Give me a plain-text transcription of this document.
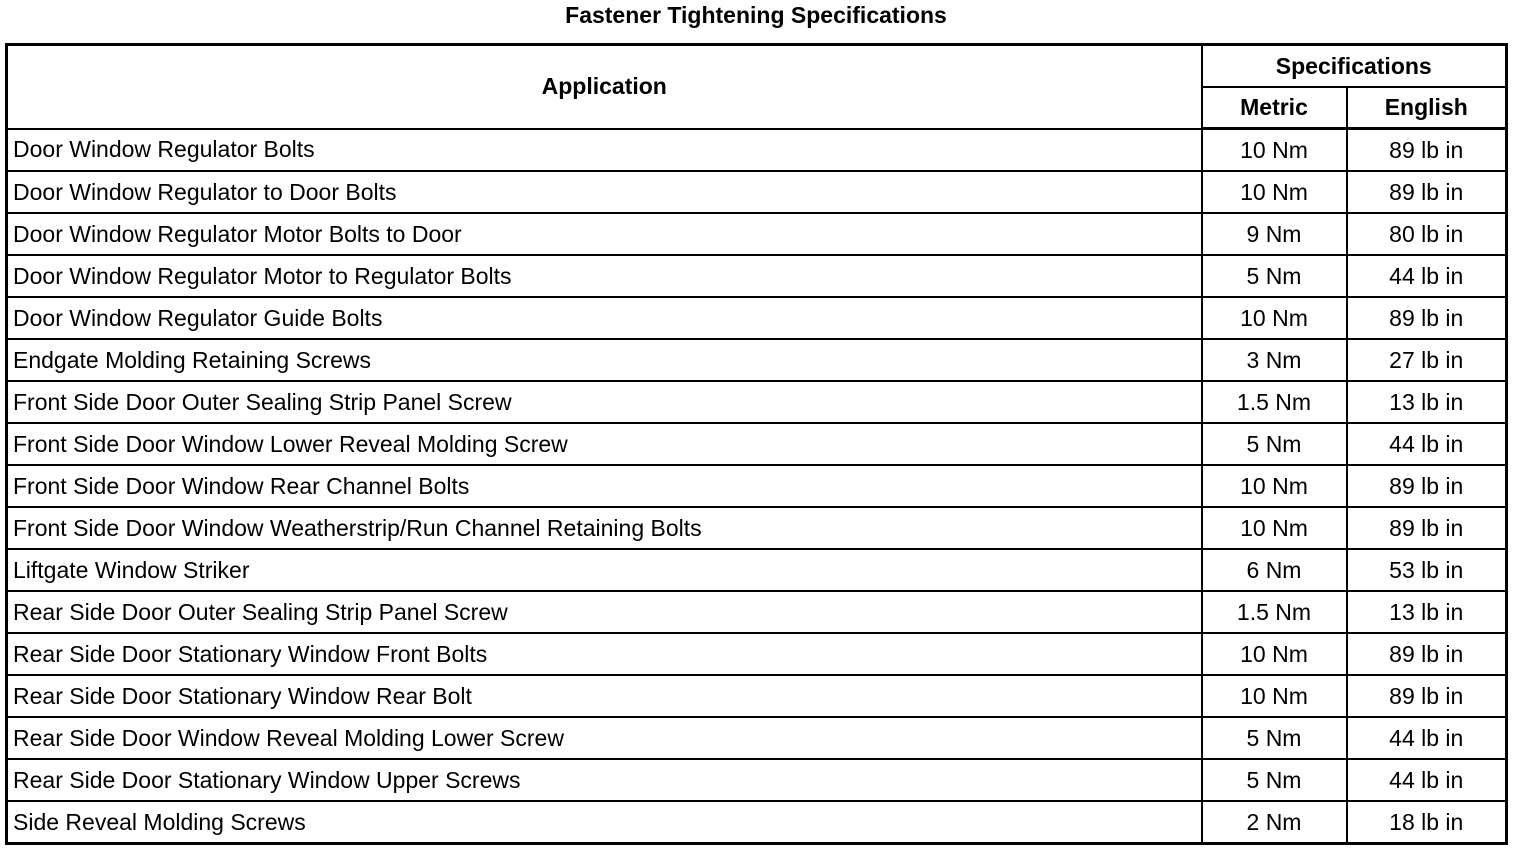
Fastener Tightening Specifications
Application	Specifications	
	Metric	English
Door Window Regulator Bolts	10 Nm	89 lb in
Door Window Regulator to Door Bolts	10 Nm	89 lb in
Door Window Regulator Motor Bolts to Door	9 Nm	80 lb in
Door Window Regulator Motor to Regulator Bolts	5 Nm	44 lb in
Door Window Regulator Guide Bolts	10 Nm	89 lb in
Endgate Molding Retaining Screws	3 Nm	27 lb in
Front Side Door Outer Sealing Strip Panel Screw	1.5 Nm	13 lb in
Front Side Door Window Lower Reveal Molding Screw	5 Nm	44 lb in
Front Side Door Window Rear Channel Bolts	10 Nm	89 lb in
Front Side Door Window Weatherstrip/Run Channel Retaining Bolts	10 Nm	89 lb in
Liftgate Window Striker	6 Nm	53 lb in
Rear Side Door Outer Sealing Strip Panel Screw	1.5 Nm	13 lb in
Rear Side Door Stationary Window Front Bolts	10 Nm	89 lb in
Rear Side Door Stationary Window Rear Bolt	10 Nm	89 lb in
Rear Side Door Window Reveal Molding Lower Screw	5 Nm	44 lb in
Rear Side Door Stationary Window Upper Screws	5 Nm	44 lb in
Side Reveal Molding Screws	2 Nm	18 lb in
